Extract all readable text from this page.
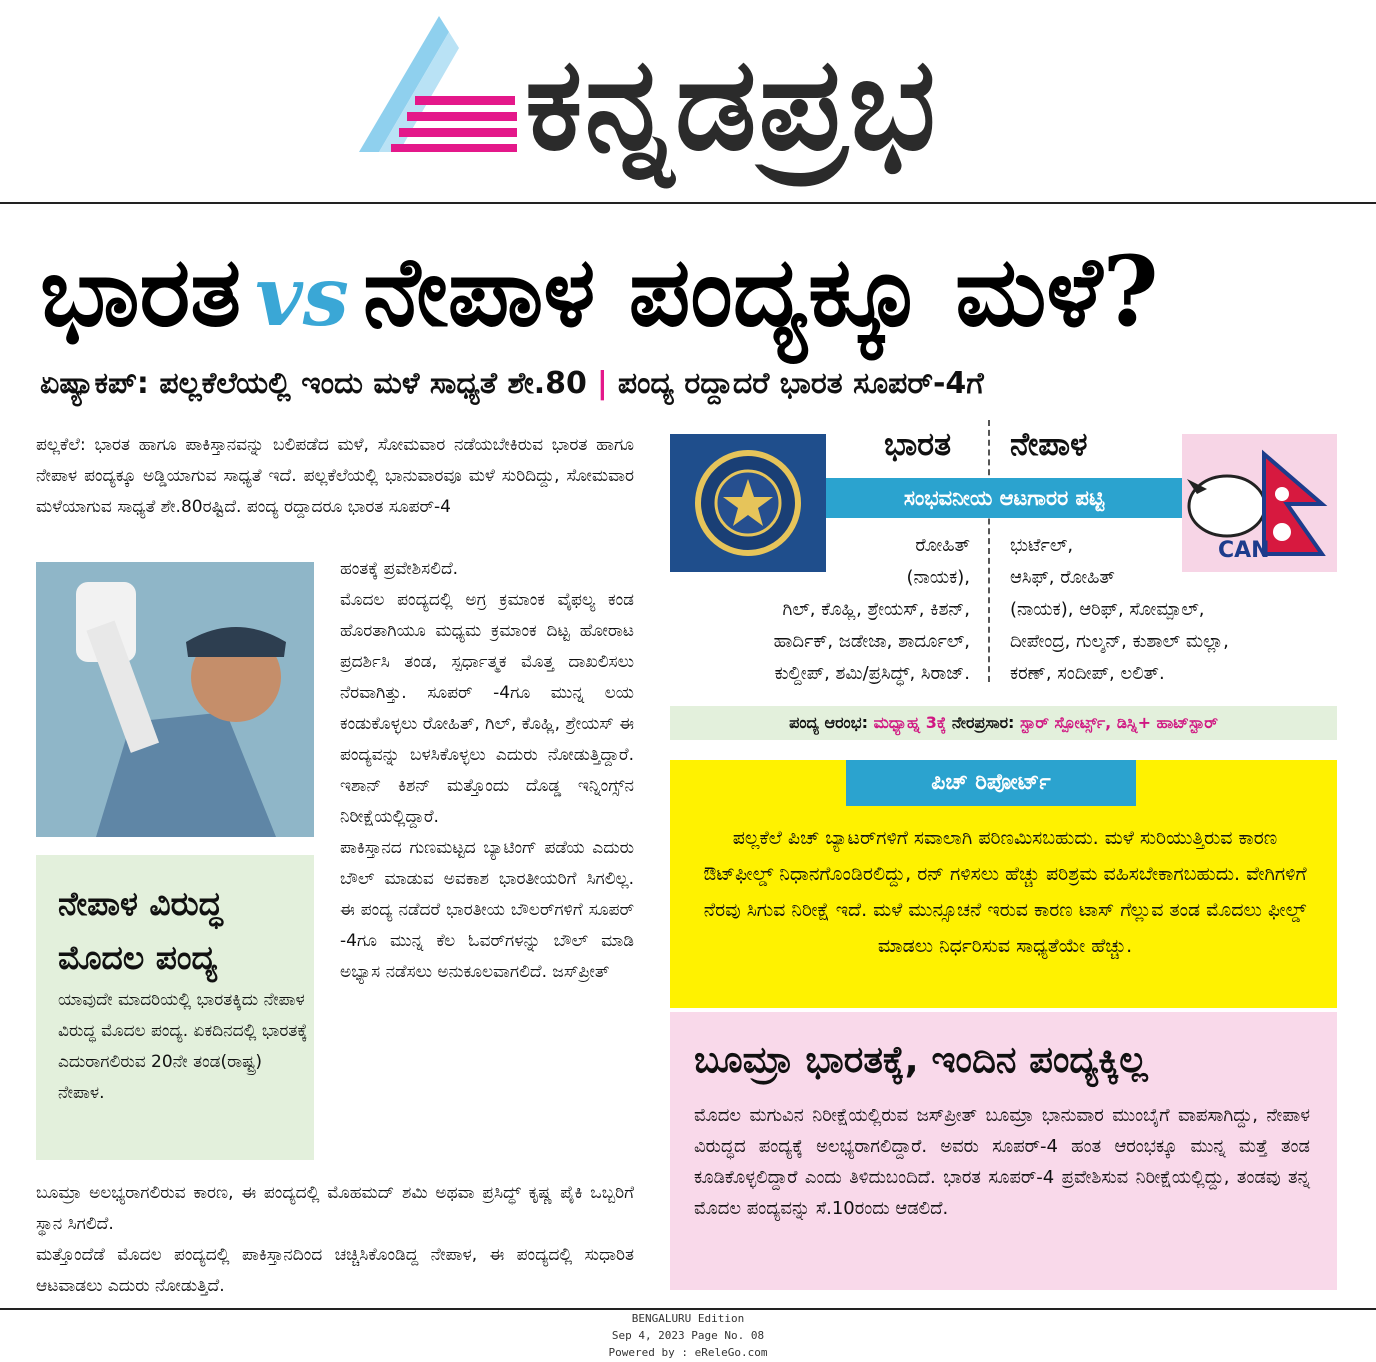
ಕನ್ನಡಪ್ರಭ
ಭಾರತ vs ನೇಪಾಳ ಪಂದ್ಯಕ್ಕೂ ಮಳೆ?
ಏಷ್ಯಾಕಪ್: ಪಲ್ಲಕೆಲೆಯಲ್ಲಿ ಇಂದು ಮಳೆ ಸಾಧ್ಯತೆ ಶೇ.80 | ಪಂದ್ಯ ರದ್ದಾದರೆ ಭಾರತ ಸೂಪರ್-4ಗೆ
ಪಲ್ಲಕೆಲೆ: ಭಾರತ ಹಾಗೂ ಪಾಕಿಸ್ತಾನವನ್ನು ಬಲಿಪಡೆದ ಮಳೆ, ಸೋಮವಾರ ನಡೆಯಬೇಕಿರುವ ಭಾರತ ಹಾಗೂ ನೇಪಾಳ ಪಂದ್ಯಕ್ಕೂ ಅಡ್ಡಿಯಾಗುವ ಸಾಧ್ಯತೆ ಇದೆ. ಪಲ್ಲಕೆಲೆಯಲ್ಲಿ ಭಾನುವಾರವೂ ಮಳೆ ಸುರಿದಿದ್ದು, ಸೋಮವಾರ ಮಳೆಯಾಗುವ ಸಾಧ್ಯತೆ ಶೇ.80ರಷ್ಟಿದೆ. ಪಂದ್ಯ ರದ್ದಾದರೂ ಭಾರತ ಸೂಪರ್-4
ಹಂತಕ್ಕೆ ಪ್ರವೇಶಿಸಲಿದೆ.
ಮೊದಲ ಪಂದ್ಯದಲ್ಲಿ ಅಗ್ರ ಕ್ರಮಾಂಕ ವೈಫಲ್ಯ ಕಂಡ ಹೊರತಾಗಿಯೂ ಮಧ್ಯಮ ಕ್ರಮಾಂಕ ದಿಟ್ಟ ಹೋರಾಟ ಪ್ರದರ್ಶಿಸಿ ತಂಡ, ಸ್ಪರ್ಧಾತ್ಮಕ ಮೊತ್ತ ದಾಖಲಿಸಲು ನೆರವಾಗಿತ್ತು. ಸೂಪರ್ -4ಗೂ ಮುನ್ನ ಲಯ ಕಂಡುಕೊಳ್ಳಲು ರೋಹಿತ್, ಗಿಲ್, ಕೊಹ್ಲಿ, ಶ್ರೇಯಸ್ ಈ ಪಂದ್ಯವನ್ನು ಬಳಸಿಕೊಳ್ಳಲು ಎದುರು ನೋಡುತ್ತಿದ್ದಾರೆ. ಇಶಾನ್ ಕಿಶನ್ ಮತ್ತೊಂದು ದೊಡ್ಡ ಇನ್ನಿಂಗ್ಸ್‌ನ ನಿರೀಕ್ಷೆಯಲ್ಲಿದ್ದಾರೆ.
ಪಾಕಿಸ್ತಾನದ ಗುಣಮಟ್ಟದ ಬ್ಯಾಟಿಂಗ್ ಪಡೆಯ ಎದುರು ಬೌಲ್ ಮಾಡುವ ಅವಕಾಶ ಭಾರತೀಯರಿಗೆ ಸಿಗಲಿಲ್ಲ. ಈ ಪಂದ್ಯ ನಡೆದರೆ ಭಾರತೀಯ ಬೌಲರ್‌ಗಳಿಗೆ ಸೂಪರ್ -4ಗೂ ಮುನ್ನ ಕೆಲ ಓವರ್‌ಗಳನ್ನು ಬೌಲ್ ಮಾಡಿ ಅಭ್ಯಾಸ ನಡೆಸಲು ಅನುಕೂಲವಾಗಲಿದೆ. ಜಸ್‌ಪ್ರೀತ್
ನೇಪಾಳ ವಿರುದ್ಧ ಮೊದಲ ಪಂದ್ಯ

ಯಾವುದೇ ಮಾದರಿಯಲ್ಲಿ ಭಾರತಕ್ಕಿದು ನೇಪಾಳ ವಿರುದ್ಧ ಮೊದಲ ಪಂದ್ಯ. ಏಕದಿನದಲ್ಲಿ ಭಾರತಕ್ಕೆ ಎದುರಾಗಲಿರುವ 20ನೇ ತಂಡ(ರಾಷ್ಟ್ರ) ನೇಪಾಳ.

ಬೂಮ್ರಾ ಅಲಭ್ಯರಾಗಲಿರುವ ಕಾರಣ, ಈ ಪಂದ್ಯದಲ್ಲಿ ಮೊಹಮದ್ ಶಮಿ ಅಥವಾ ಪ್ರಸಿದ್ಧ್ ಕೃಷ್ಣ ಪೈಕಿ ಒಬ್ಬರಿಗೆ ಸ್ಥಾನ ಸಿಗಲಿದೆ.
ಮತ್ತೊಂದೆಡೆ ಮೊದಲ ಪಂದ್ಯದಲ್ಲಿ ಪಾಕಿಸ್ತಾನದಿಂದ ಚಚ್ಚಿಸಿಕೊಂಡಿದ್ದ ನೇಪಾಳ, ಈ ಪಂದ್ಯದಲ್ಲಿ ಸುಧಾರಿತ ಆಟವಾಡಲು ಎದುರು ನೋಡುತ್ತಿದೆ.
ಭಾರತ ನೇಪಾಳ
ಸಂಭವನೀಯ ಆಟಗಾರರ ಪಟ್ಟಿ
CAN
ರೋಹಿತ್
(ನಾಯಕ),
ಗಿಲ್, ಕೊಹ್ಲಿ, ಶ್ರೇಯಸ್, ಕಿಶನ್,
ಹಾರ್ದಿಕ್, ಜಡೇಜಾ, ಶಾರ್ದೂಲ್,
ಕುಲ್ದೀಪ್, ಶಮಿ/ಪ್ರಸಿದ್ಧ್, ಸಿರಾಜ್.
ಭುರ್ಟೆಲ್,
ಆಸಿಫ್, ರೋಹಿತ್
(ನಾಯಕ), ಆರಿಫ್, ಸೋಮ್ಪಾಲ್,
ದೀಪೇಂದ್ರ, ಗುಲ್ಶನ್, ಕುಶಾಲ್ ಮಲ್ಲಾ,
ಕರಣ್, ಸಂದೀಪ್, ಲಲಿತ್.
ಪಂದ್ಯ ಆರಂಭ: ಮಧ್ಯಾಹ್ನ 3ಕ್ಕೆ ನೇರಪ್ರಸಾರ: ಸ್ಟಾರ್ ಸ್ಪೋರ್ಟ್ಸ್, ಡಿಸ್ನಿ+ ಹಾಟ್‌ಸ್ಟಾರ್

ಪಲ್ಲಕೆಲೆ ಪಿಚ್ ಬ್ಯಾಟರ್‌ಗಳಿಗೆ ಸವಾಲಾಗಿ ಪರಿಣಮಿಸಬಹುದು. ಮಳೆ ಸುರಿಯುತ್ತಿರುವ ಕಾರಣ ಔಟ್‌ಫೀಲ್ಡ್ ನಿಧಾನಗೊಂಡಿರಲಿದ್ದು, ರನ್ ಗಳಿಸಲು ಹೆಚ್ಚು ಪರಿಶ್ರಮ ವಹಿಸಬೇಕಾಗಬಹುದು. ವೇಗಿಗಳಿಗೆ ನೆರವು ಸಿಗುವ ನಿರೀಕ್ಷೆ ಇದೆ. ಮಳೆ ಮುನ್ಸೂಚನೆ ಇರುವ ಕಾರಣ ಟಾಸ್ ಗೆಲ್ಲುವ ತಂಡ ಮೊದಲು ಫೀಲ್ಡ್ ಮಾಡಲು ನಿರ್ಧರಿಸುವ ಸಾಧ್ಯತೆಯೇ ಹೆಚ್ಚು.

ಪಿಚ್ ರಿಪೋರ್ಟ್
ಬೂಮ್ರಾ ಭಾರತಕ್ಕೆ, ಇಂದಿನ ಪಂದ್ಯಕ್ಕಿಲ್ಲ

ಮೊದಲ ಮಗುವಿನ ನಿರೀಕ್ಷೆಯಲ್ಲಿರುವ ಜಸ್‌ಪ್ರೀತ್ ಬೂಮ್ರಾ ಭಾನುವಾರ ಮುಂಬೈಗೆ ವಾಪಸಾಗಿದ್ದು, ನೇಪಾಳ ವಿರುದ್ಧದ ಪಂದ್ಯಕ್ಕೆ ಅಲಭ್ಯರಾಗಲಿದ್ದಾರೆ. ಅವರು ಸೂಪರ್-4 ಹಂತ ಆರಂಭಕ್ಕೂ ಮುನ್ನ ಮತ್ತೆ ತಂಡ ಕೂಡಿಕೊಳ್ಳಲಿದ್ದಾರೆ ಎಂದು ತಿಳಿದುಬಂದಿದೆ. ಭಾರತ ಸೂಪರ್-4 ಪ್ರವೇಶಿಸುವ ನಿರೀಕ್ಷೆಯಲ್ಲಿದ್ದು, ತಂಡವು ತನ್ನ ಮೊದಲ ಪಂದ್ಯವನ್ನು ಸೆ.10ರಂದು ಆಡಲಿದೆ.

BENGALURU Edition
Sep 4, 2023 Page No. 08
Powered by : eReleGo.com
